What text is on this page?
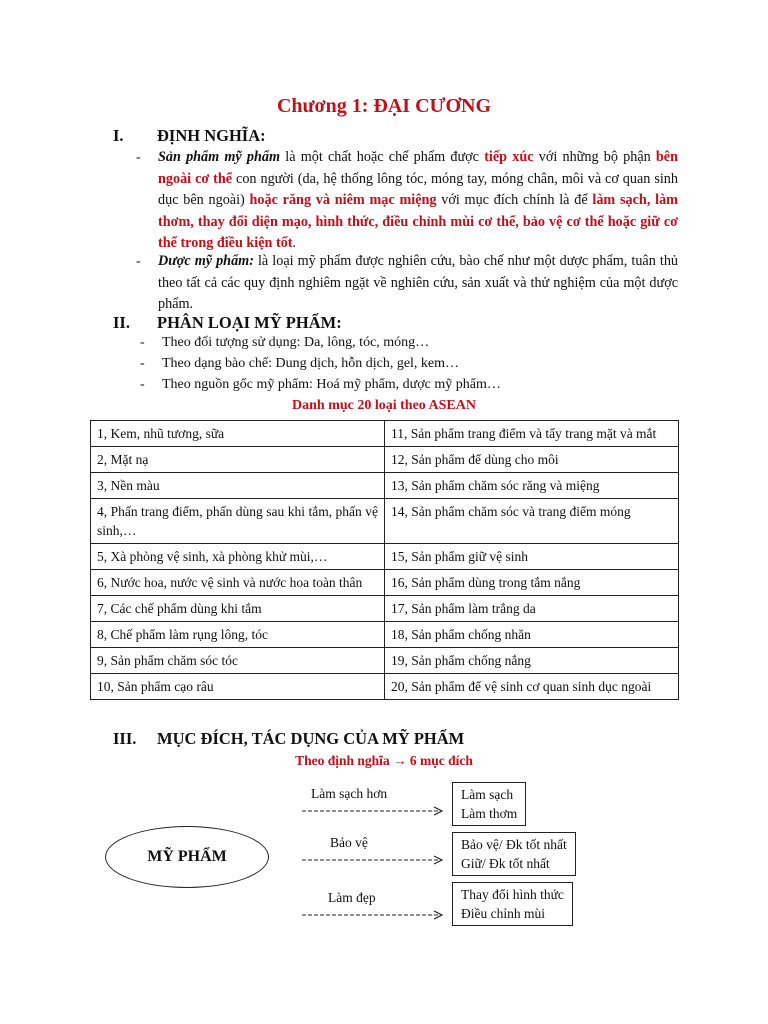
Chương 1: ĐẠI CƯƠNG
I. ĐỊNH NGHĨA:
- Sản phẩm mỹ phẩm là một chất hoặc chế phẩm được tiếp xúc với những bộ phận bên ngoài cơ thể con người (da, hệ thống lông tóc, móng tay, móng chân, môi và cơ quan sinh dục bên ngoài) hoặc răng và niêm mạc miệng với mục đích chính là để làm sạch, làm thơm, thay đổi diện mạo, hình thức, điều chỉnh mùi cơ thể, bảo vệ cơ thể hoặc giữ cơ thể trong điều kiện tốt.
- Dược mỹ phẩm: là loại mỹ phẩm được nghiên cứu, bào chế như một dược phẩm, tuân thủ theo tất cả các quy định nghiêm ngặt về nghiên cứu, sản xuất và thử nghiệm của một dược phẩm.
II. PHÂN LOẠI MỸ PHẨM:
- Theo đối tượng sử dụng: Da, lông, tóc, móng…
- Theo dạng bào chế: Dung dịch, hỗn dịch, gel, kem…
- Theo nguồn gốc mỹ phẩm: Hoá mỹ phẩm, dược mỹ phẩm…
Danh mục 20 loại theo ASEAN
1, Kem, nhũ tương, sữa	11, Sản phẩm trang điểm và tẩy trang mặt và mắt
2, Mặt nạ	12, Sản phẩm để dùng cho môi
3, Nền màu	13, Sản phẩm chăm sóc răng và miệng
4, Phấn trang điểm, phấn dùng sau khi tắm, phấn vệ sinh,…	14, Sản phẩm chăm sóc và trang điểm móng
5, Xà phòng vệ sinh, xà phòng khử mùi,…	15, Sản phẩm giữ vệ sinh
6, Nước hoa, nước vệ sinh và nước hoa toàn thân	16, Sản phẩm dùng trong tắm nắng
7, Các chế phẩm dùng khi tắm	17, Sản phẩm làm trắng da
8, Chế phẩm làm rụng lông, tóc	18, Sản phẩm chống nhăn
9, Sản phẩm chăm sóc tóc	19, Sản phẩm chống nắng
10, Sản phẩm cạo râu	20, Sản phẩm để vệ sinh cơ quan sinh dục ngoài
III. MỤC ĐÍCH, TÁC DỤNG CỦA MỸ PHẨM
Theo định nghĩa → 6 mục đích
MỸ PHẨM
Làm sạch hơn	Làm sạch
Làm thơm
Bảo vệ	Bảo vệ/ Đk tốt nhất
Giữ/ Đk tốt nhất
Làm đẹp	Thay đổi hình thức
Điều chỉnh mùi
